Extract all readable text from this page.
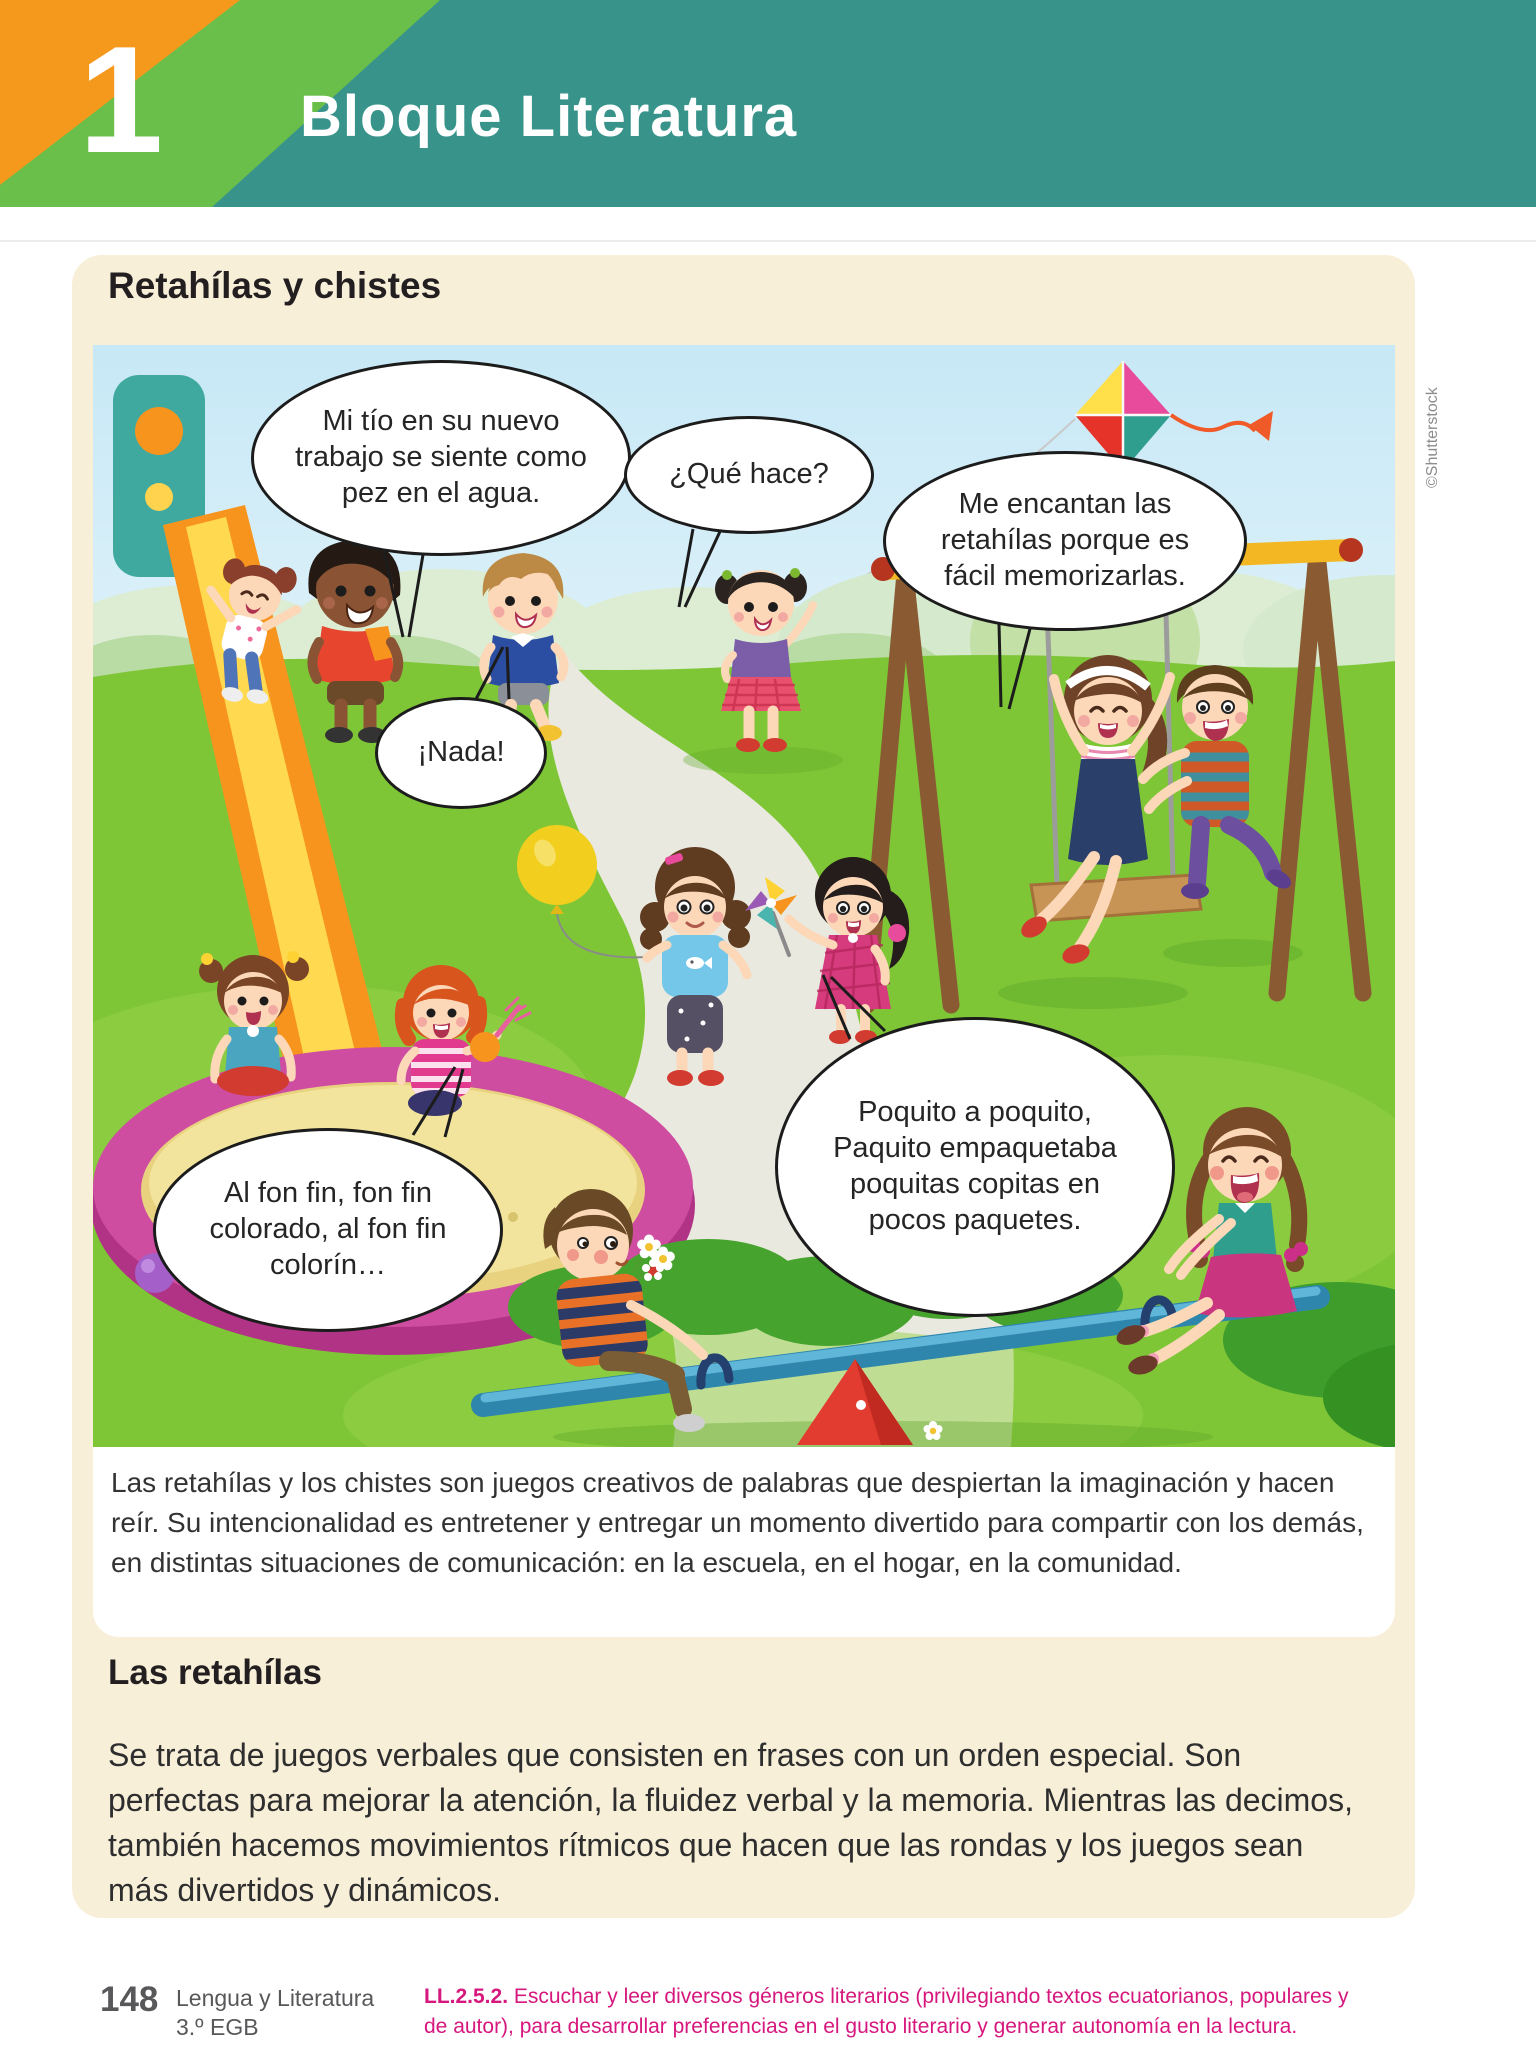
1	Bloque Literatura
Retahílas y chistes
Mi tío en su nuevo trabajo se siente como pez en el agua.
¿Qué hace?
¡Nada!
Me encantan las retahílas porque es fácil memorizarlas.
Al fon fin, fon fin colorado, al fon fin colorín…
Poquito a poquito, Paquito empaquetaba poquitas copitas en pocos paquetes.

Las retahílas y los chistes son juegos creativos de palabras que despiertan la imaginación y hacen reír. Su intencionalidad es entretener y entregar un momento divertido para compartir con los demás, en distintas situaciones de comunicación: en la escuela, en el hogar, en la comunidad.

Las retahílas
Se trata de juegos verbales que consisten en frases con un orden especial. Son perfectas para mejorar la atención, la fluidez verbal y la memoria. Mientras las decimos, también hacemos movimientos rítmicos que hacen que las rondas y los juegos sean más divertidos y dinámicos.
©Shutterstock
148 Lengua y Literatura
3.º EGB
LL.2.5.2. Escuchar y leer diversos géneros literarios (privilegiando textos ecuatorianos, populares y de autor), para desarrollar preferencias en el gusto literario y generar autonomía en la lectura.
